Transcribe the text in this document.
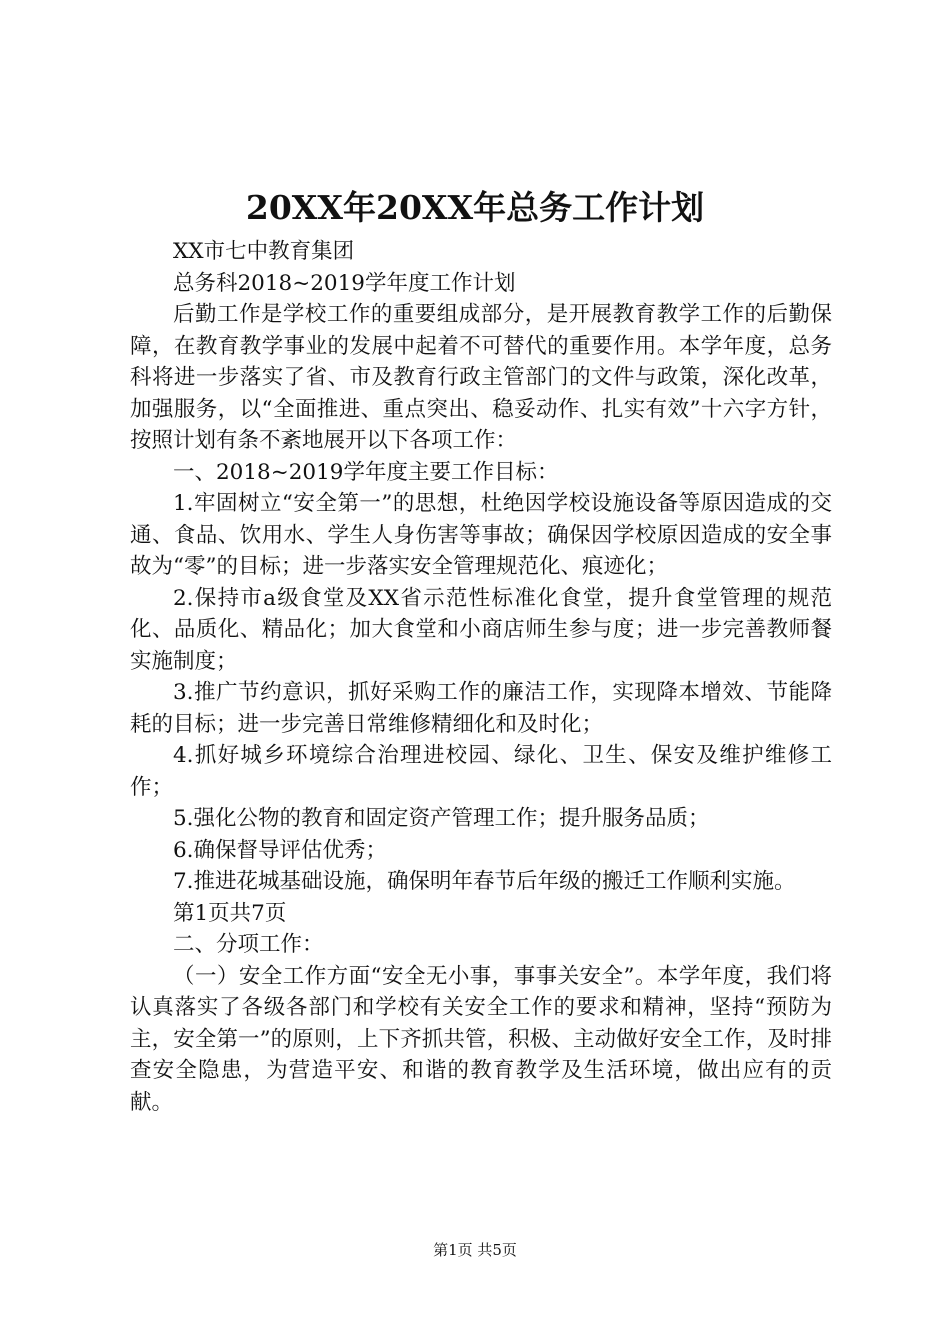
20XX年20XX年总务工作计划

XX市七中教育集团

总务科2018~2019学年度工作计划

后勤工作是学校工作的重要组成部分，是开展教育教学工作的后勤保障，在教育教学事业的发展中起着不可替代的重要作用。本学年度，总务科将进一步落实了省、市及教育行政主管部门的文件与政策，深化改革，加强服务，以“全面推进、重点突出、稳妥动作、扎实有效”十六字方针，按照计划有条不紊地展开以下各项工作：

一、2018~2019学年度主要工作目标：

1.牢固树立“安全第一”的思想，杜绝因学校设施设备等原因造成的交通、食品、饮用水、学生人身伤害等事故；确保因学校原因造成的安全事故为“零”的目标；进一步落实安全管理规范化、痕迹化；

2.保持市a级食堂及XX省示范性标准化食堂，提升食堂管理的规范化、品质化、精品化；加大食堂和小商店师生参与度；进一步完善教师餐实施制度；

3.推广节约意识，抓好采购工作的廉洁工作，实现降本增效、节能降耗的目标；进一步完善日常维修精细化和及时化；

4.抓好城乡环境综合治理进校园、绿化、卫生、保安及维护维修工作；

5.强化公物的教育和固定资产管理工作；提升服务品质；

6.确保督导评估优秀；

7.推进花城基础设施，确保明年春节后年级的搬迁工作顺利实施。

第1页共7页

二、分项工作：

（一）安全工作方面“安全无小事，事事关安全”。本学年度，我们将认真落实了各级各部门和学校有关安全工作的要求和精神，坚持“预防为主，安全第一”的原则，上下齐抓共管，积极、主动做好安全工作，及时排查安全隐患，为营造平安、和谐的教育教学及生活环境，做出应有的贡献。

第1页 共5页
